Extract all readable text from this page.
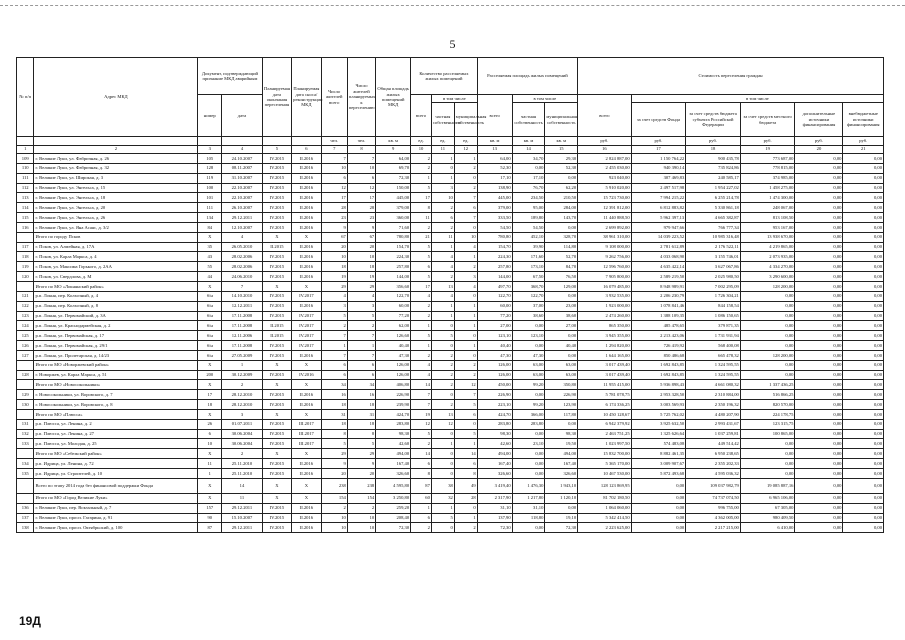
5
№ п/п	Адрес МКД	Документ, подтверждающий признание МКД аварийным		Планируемая дата окончания переселения	Планируемая дата сноса/ реконструкции МКД	Число жителей всего	Число жителей планируемых к переселению	Общая площадь жилых помещений МКД	Количество расселяемых жилых помещений			Расселяемая площадь жилых помещений			Стоимость переселения граждан					
		номер	дата						всего	в том числе		всего	в том числе		всего	в том числе				
										частная собственность	муниципальная собственность		частная собственность	муниципальная собственность		за счет средств Фонда	за счет средств бюджета субъекта Российской Федерации	за счет средств местного бюджета	дополнительные источники финансирования	внебюджетные источники финансирования
						чел.	чел.	кв. м	ед.	ед.	ед.	кв. м	кв. м	кв. м	руб.	руб.	руб.	руб.	руб.	руб.
1	2	3	4	5	6	7	8	9	10	11	12	13	14	15	16	17	18	19	20	21
109	г. Великие Луки, ул. Фабричная, д. 26	105	24.10.2007	IV.2015	II.2016	7	7	64,00	2	1	1	64,00	34,70	29,30	2 824 887,00	1 150 764,22	900 435,78	773 687,00	0,00	0,00
110	г. Великие Луки, ул. Фабричная, д. 32	128	08.11.2007	IV.2015	II.2016	10	10	69,70	2	0	2	52,30	0,00	52,30	2 455 030,00	940 390,14	735 824,86	778 815,00	0,00	0,00
111	г. Великие Луки, ул. Широкая, д. 3	119	31.10.2007	IV.2015	II.2016	6	6	72,30	1	1	0	17,10	17,10	0,00	923 040,00	307 469,83	240 585,17	374 985,00	0,00	0,00
112	г. Великие Луки, ул. Энгельса, д. 15	100	22.10.2007	IV.2015	II.2016	12	12	150,00	5	3	2	138,90	76,70	62,20	5 910 020,00	2 497 517,98	1 954 227,02	1 458 275,00	0,00	0,00
113	г. Великие Луки, ул. Энгельса, д. 18	101	22.10.2007	IV.2015	II.2016	17	17	445,00	17	10	7	445,00	234,50	210,50	15 723 730,00	7 994 215,22	6 255 214,78	1 474 300,00	0,00	0,00
114	г. Великие Луки, ул. Энгельса, д. 20	111	26.10.2007	IV.2015	II.2016	28	28	379,00	8	2	6	379,00	95,00	284,00	12 391 812,00	6 812 883,82	5 330 861,18	248 067,00	0,00	0,00
115	г. Великие Луки, ул. Энгельса, д. 26	134	29.12.2011	IV.2015	II.2016	23	23	360,00	11	6	7	333,50	189,80	143,70	11 440 888,50	5 962 397,13	4 665 382,87	813 108,50	0,00	0,00
116	г. Великие Луки, ул. Яна Асаяс, д. 3/2	84	12.10.2007	IV.2015	II.2016	9	9	71,60	2	2	0	54,50	54,50	0,00	2 699 892,00	979 947,66	766 777,34	953 167,00	0,00	0,00
	Итого по городу Псков	X	4	X	X	67	67	780,80	21	11	10	780,80	452,10	328,70	38 961 310,00	14 039 223,52	10 985 316,48	13 938 670,00	0,00	0,00
117	г. Псков, ул. Алмейная, д. 17А	35	26.05.2010	II.2015	II.2016	20	20	154,70	5	1	4	154,70	39,90	114,80	9 108 000,00	2 781 612,89	2 176 522,11	4 219 865,00	0,00	0,00
118	г. Псков, ул. Карла Маркса, д. 4	43	28.02.2006	IV.2015	II.2016	10	10	224,30	5	4	1	224,30	171,60	52,70	9 262 756,00	4 033 068,90	3 155 746,01	2 073 935,00	0,00	0,00
119	г. Псков, ул. Максима Горького, д. 2АА	55	28.02.2006	IV.2015	II.2016	18	18	257,80	6	4	2	257,80	173,10	84,70	12 596 760,00	4 635 422,14	3 627 067,86	4 334 270,00	0,00	0,00
120	г. Псков, ул. Свердлова, д. М	44	24.06.2010	IV.2015	II.2016	19	19	144,00	5	2	3	144,00	67,50	76,50	7 905 800,00	2 589 219,50	2 025 980,50	3 290 600,00	0,00	0,00
	Итого по МО «Локнянский район»	X	7	X	X	29	29	356,60	17	13	4	497,70	368,70	129,00	16 079 485,00	8 948 989,91	7 002 295,09	128 200,00	0,00	0,00
121	р.п. Локня, пер. Колхозный, д. 4	б/н	14.10.2010	IV.2015	IV.2017	4	4	122,70	4	4	0	122,70	122,70	0,00	3 932 535,00	2 206 230,79	1 726 304,21	0,00	0,00	0,00
122	р.п. Локня, пер. Колхозный, д. 8	б/н	12.12.2011	IV.2015	II.2016	3	3	60,00	2	1	1	60,00	37,00	23,00	1 923 000,00	1 078 841,46	844 158,54	0,00	0,00	0,00
123	р.п. Локня, ул. Первомайский, д. 3А	б/н	17.11.2008	IV.2015	IV.2017	5	5	77,20	2	1	1	77,20	38,60	38,60	2 474 260,00	1 388 109,35	1 086 150,65	0,00	0,00	0,00
124	р.п. Локня, ул. Краснодармейская, д. 2	б/н	17.11.2008	II.2015	IV.2017	2	2	62,00	1	0	1	27,00	0,00	27,00	865 350,00	485 478,65	379 871,35	0,00	0,00	0,00
125	р.п. Локня, ул. Первомайская, д. 17	б/н	12.11.2006	II.2015	IV.2017	7	7	126,60	5	5	0	123,10	123,10	0,00	3 945 355,00	2 213 423,06	1 731 931,94	0,00	0,00	0,00
126	р.п. Локня, ул. Первомайская, д. 29/1	б/н	17.11.2008	IV.2015	IV.2017	1	1	40,40	1	0	1	40,40	0,00	40,40	1 294 820,00	726 419,92	568 400,08	0,00	0,00	0,00
127	р.п. Локня, ул. Пролетарская, д. 14/23	б/н	27.05.2009	IV.2015	II.2016	7	7	47,30	2	2	0	47,30	47,30	0,00	1 644 165,00	850 486,68	665 478,32	128 200,00	0,00	0,00
	Итого по МО «Новоржевский район»	X	1	X	X	6	6	126,00	4	2	2	126,00	63,00	63,00	3 017 439,40	1 692 843,85	1 324 595,55	0,00	0,00	0,00
128	г. Новоржев, ул. Карла Маркса, д. 51	200	30.12.2009	IV.2015	IV.2016	6	6	126,00	4	2	2	126,00	63,00	63,00	3 017 439,40	1 692 843,85	1 324 595,55	0,00	0,00	0,00
	Итого по МО «Новосокольники»	X	2	X	X	34	34	406,80	14	2	12	450,00	99,20	350,80	11 955 415,00	5 936 898,43	4 661 080,32	1 337 436,25	0,00	0,00
129	г. Новосокольники, ул. Воровского, д. 7	17	28.12.2010	IV.2015	II.2016	16	16	226,90	7	0	7	226,90	0,00	226,90	5 781 078,75	2 953 328,50	2 310 884,00	516 866,25	0,00	0,00
130	г. Новосокольники, ул. Воровского, д. 8	18	28.12.2010	IV.2015	II.2016	18	18	239,90	7	2	5	223,10	99,20	123,90	6 174 336,25	3 003 569,93	2 350 196,32	820 570,00	0,00	0,00
	Итого по МО «Плюсса»	X	3	X	X	31	31	424,70	19	13	6	424,70	366,00	117,80	10 450 128,67	5 725 762,02	4 480 207,90	224 178,75	0,00	0,00
131	р.п. Плюсса, ул. Ленина, д. 2	26	01.07.2011	IV.2015	III.2017	18	18	283,80	12	12	0	283,80	283,80	0,00	6 942 379,92	3 925 632,50	2 993 431,67	123 315,75	0,00	0,00
132	р.п. Плюсса, ул. Ленина, д. 27	6	30.06.2004	IV.2015	III.2017	8	8	98,30	5	0	5	98,30	0,00	98,30	2 463 751,25	1 325 626,64	1 037 259,81	100 865,00	0,00	0,00
133	р.п. Плюсса, ул. Молодая, д. 25	10	30.06.2004	IV.2015	III.2017	5	5	42,60	2	1	1	42,60	23,10	19,50	1 023 997,50	574 483,08	449 514,42	0,00	0,00	0,00
	Итого по МО «Себежский район»	X	2	X	X	29	29	494,00	14	0	14	494,00	0,00	494,00	15 832 700,00	8 882 461,35	6 950 238,65	0,00	0,00	0,00
134	р.п. Идрица, ул. Ленина, д. 72	11	25.11.2010	IV.2015	II.2016	9	9	167,40	6	0	6	167,40	0,00	167,40	5 365 170,00	3 009 907,67	2 355 202,33	0,00	0,00	0,00
135	р.п. Идрица, ул. Строителей, д. 10	1	25.11.2010	IV.2015	II.2016	20	20	326,60	8	0	8	326,60	0,00	326,60	10 467 530,00	5 872 493,68	4 595 036,32	0,00	0,00	0,00
	Всего по этапу 2014 года без финансовой поддержки Фонда	X	14	X	X	238	238	4 595,80	87	38	49	3 419,40	1 476,30	1 943,10	128 123 869,95	0,00	109 037 982,79	19 085 887,16	0,00	0,00
	Итого по МО «Город Великие Луки»	X	11	X	X	154	154	3 250,80	60	32	28	2 317,90	1 217,80	1 120,10	81 702 180,50	0,00	74 737 074,50	6 965 106,00	0,00	0,00
136	г. Великие Луки, пер. Вокзальный, д. 7	157	29.12.2011	IV.2015	II.2016	2	2	259,20	1	1	0	31,10	31,10	0,00	1 064 060,00	0,00	996 755,00	67 305,00	0,00	0,00
137	г. Великие Луки, просп. Гагарина, д. 91	90	15.10.2007	IV.2015	II.2016	10	10	208,40	6	5	1	137,90	118,80	19,10	5 342 414,50	0,00	4 362 005,00	980 409,50	0,00	0,00
138	г. Великие Луки, просп. Октябрьский, д. 100	87	29.12.2011	IV.2015	II.2016	10	10	72,30	2	0	2	72,30	0,00	72,30	2 223 625,00	0,00	2 217 215,00	6 410,00	0,00	0,00
19Д
